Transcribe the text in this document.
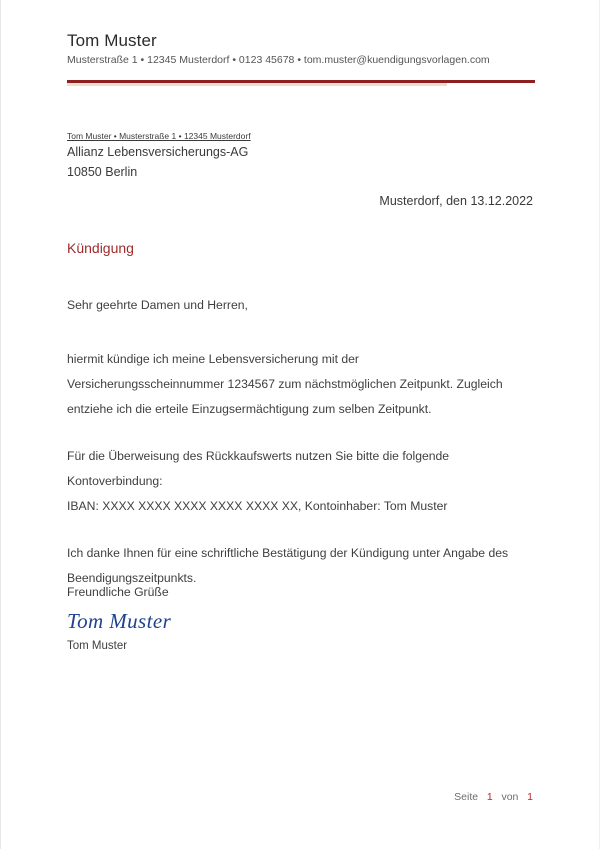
Tom Muster
Musterstraße 1 • 12345 Musterdorf • 0123 45678 • tom.muster@kuendigungsvorlagen.com
Tom Muster • Musterstraße 1 • 12345 Musterdorf
Allianz Lebensversicherungs-AG
10850 Berlin
Musterdorf, den 13.12.2022
Kündigung

Sehr geehrte Damen und Herren,

hiermit kündige ich meine Lebensversicherung mit der Versicherungsscheinnummer 1234567 zum nächstmöglichen Zeitpunkt. Zugleich entziehe ich die erteile Einzugsermächtigung zum selben Zeitpunkt.

Für die Überweisung des Rückkaufswerts nutzen Sie bitte die folgende Kontoverbindung:

IBAN: XXXX XXXX XXXX XXXX XXXX XX, Kontoinhaber: Tom Muster

Ich danke Ihnen für eine schriftliche Bestätigung der Kündigung unter Angabe des Beendigungszeitpunkts.

Freundliche Grüße
Tom Muster
Tom Muster
Seite 1 von 1
